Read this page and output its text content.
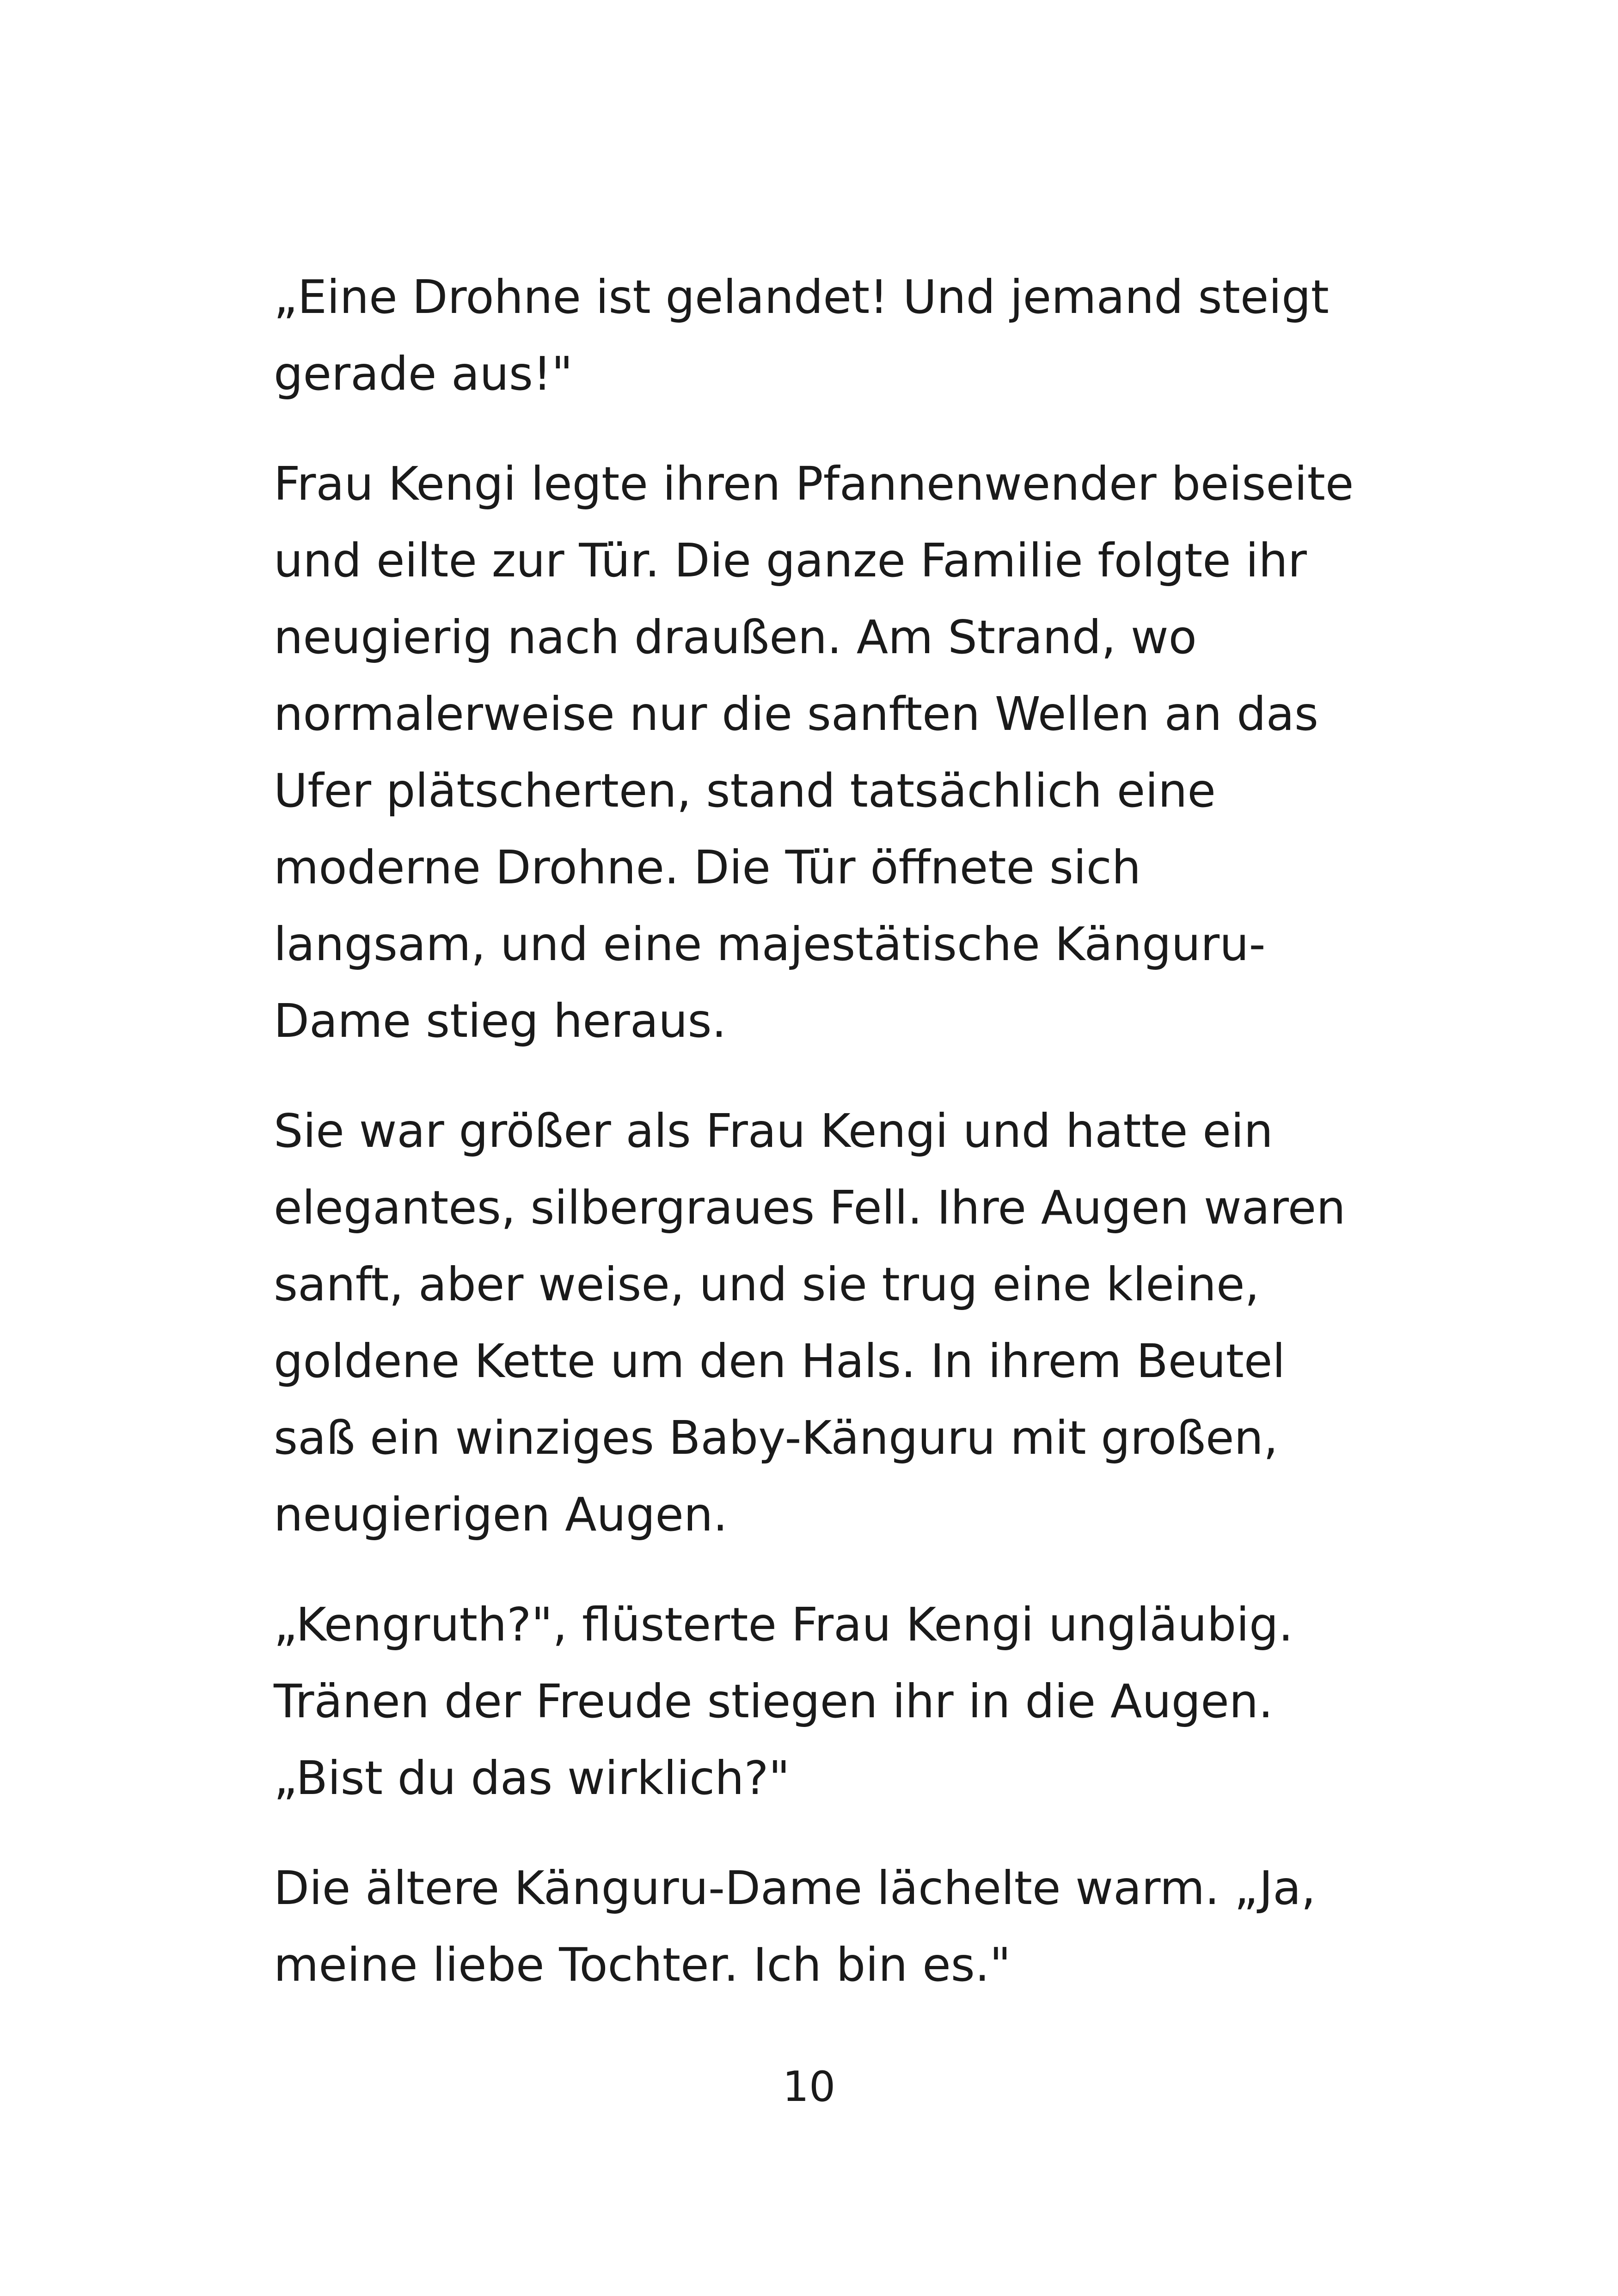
„Eine Drohne ist gelandet! Und jemand steigt
gerade aus!"

Frau Kengi legte ihren Pfannenwender beiseite
und eilte zur Tür. Die ganze Familie folgte ihr
neugierig nach draußen. Am Strand, wo
normalerweise nur die sanften Wellen an das
Ufer plätscherten, stand tatsächlich eine
moderne Drohne. Die Tür öffnete sich
langsam, und eine majestätische Känguru-
Dame stieg heraus.

Sie war größer als Frau Kengi und hatte ein
elegantes, silbergraues Fell. Ihre Augen waren
sanft, aber weise, und sie trug eine kleine,
goldene Kette um den Hals. In ihrem Beutel
saß ein winziges Baby-Känguru mit großen,
neugierigen Augen.

„Kengruth?", flüsterte Frau Kengi ungläubig.
Tränen der Freude stiegen ihr in die Augen.
„Bist du das wirklich?"

Die ältere Känguru-Dame lächelte warm. „Ja,
meine liebe Tochter. Ich bin es."

10
